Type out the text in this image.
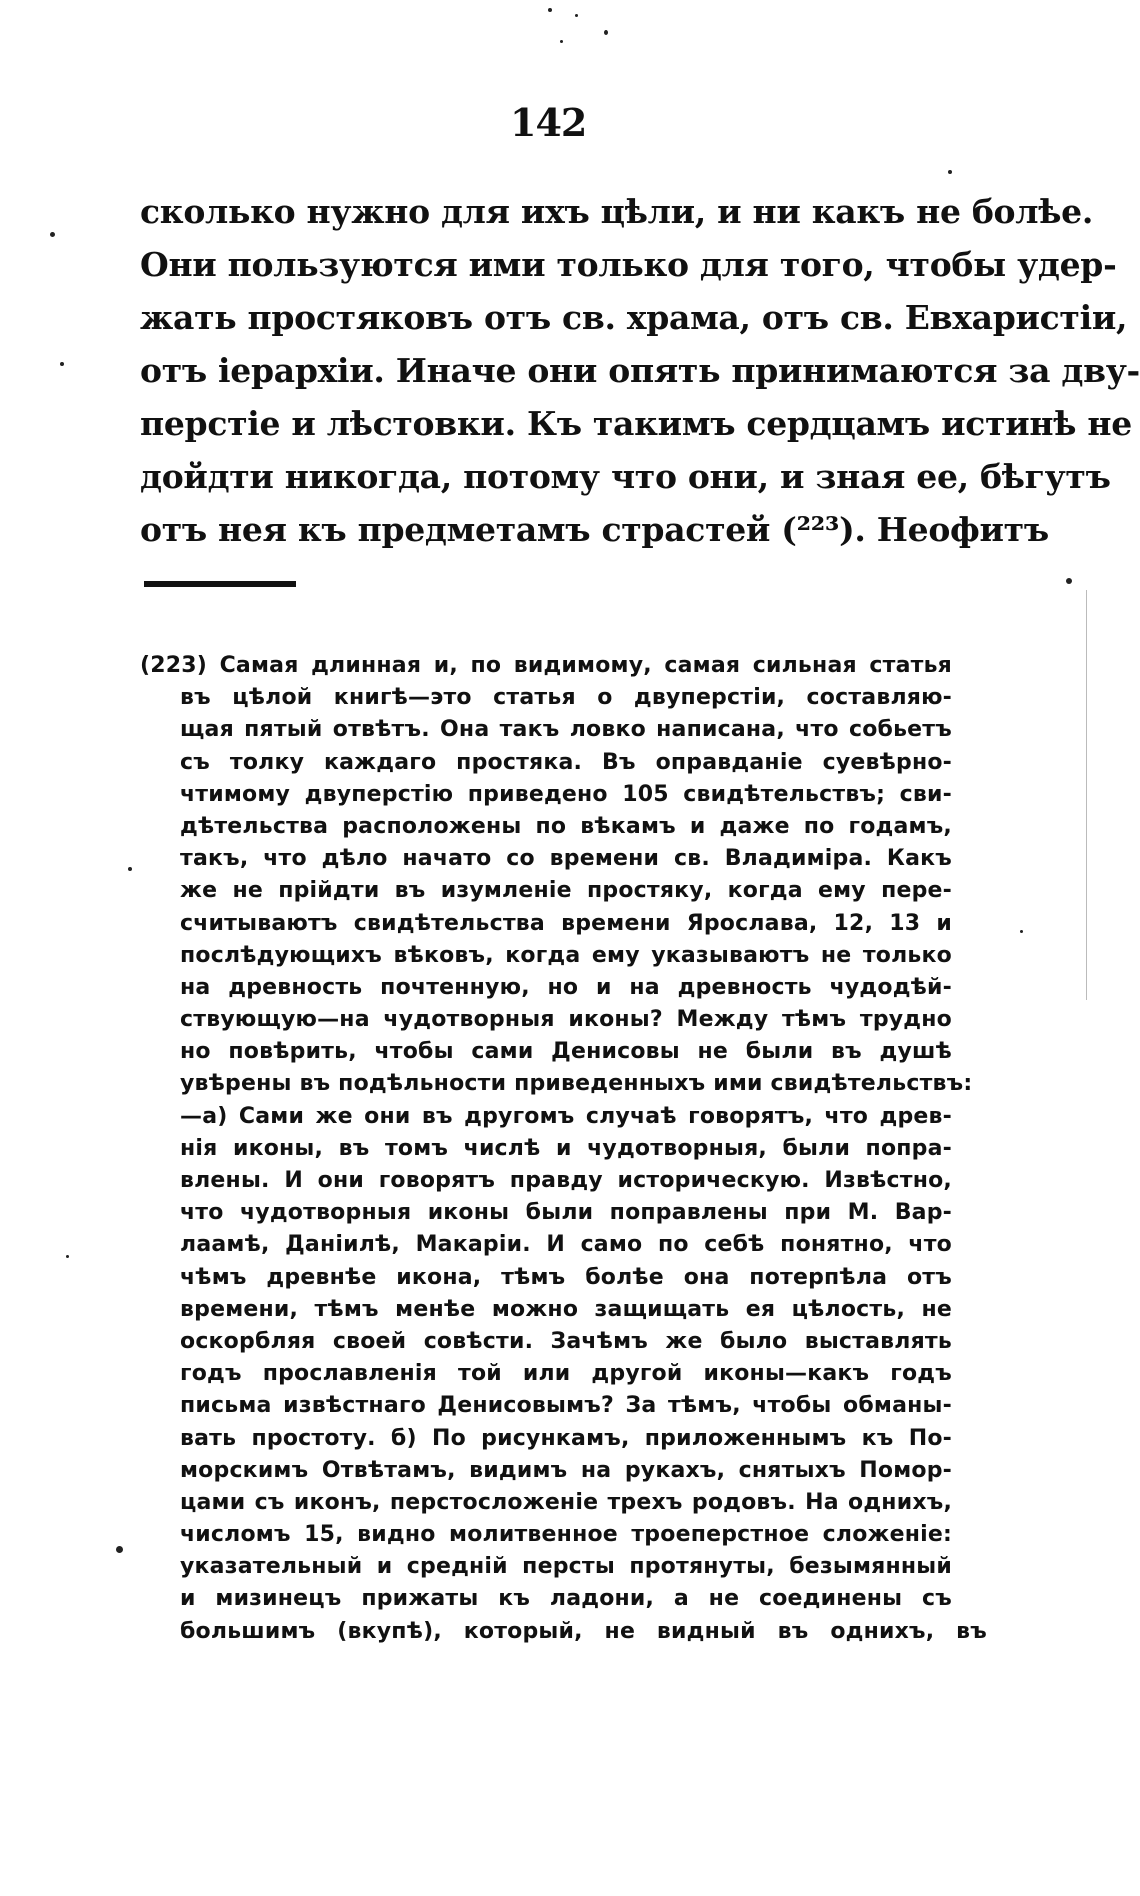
142
сколько нужно для ихъ цѣли, и ни какъ не болѣе.
Они пользуются ими только для того, чтобы удер-
жать простяковъ отъ св. храма, отъ св. Евхаристіи,
отъ іерархіи. Иначе они опять принимаются за дву-
перстіе и лѣстовки. Къ такимъ сердцамъ истинѣ не
дойдти никогда, потому что они, и зная ее, бѣгутъ
отъ нея къ предметамъ страстей (²²³). Неофитъ
(223) Самая длинная и, по видимому, самая сильная статья
въ цѣлой книгѣ—это статья о двуперстіи, составляю-
щая пятый отвѣтъ. Она такъ ловко написана, что собьетъ
съ толку каждаго простяка. Въ оправданіе суевѣрно-
чтимому двуперстію приведено 105 свидѣтельствъ; сви-
дѣтельства расположены по вѣкамъ и даже по годамъ,
такъ, что дѣло начато со времени св. Владиміра. Какъ
же не прійдти въ изумленіе простяку, когда ему пере-
считываютъ свидѣтельства времени Ярослава, 12, 13 и
послѣдующихъ вѣковъ, когда ему указываютъ не только
на древность почтенную, но и на древность чудодѣй-
ствующую—на чудотворныя иконы? Между тѣмъ трудно
но повѣрить, чтобы сами Денисовы не были въ душѣ
увѣрены въ подѣльности приведенныхъ ими свидѣтельствъ:
—а) Сами же они въ другомъ случаѣ говорятъ, что древ-
нія иконы, въ томъ числѣ и чудотворныя, были попра-
влены. И они говорятъ правду историческую. Извѣстно,
что чудотворныя иконы были поправлены при М. Вар-
лаамѣ, Даніилѣ, Макаріи. И само по себѣ понятно, что
чѣмъ древнѣе икона, тѣмъ болѣе она потерпѣла отъ
времени, тѣмъ менѣе можно защищать ея цѣлость, не
оскорбляя своей совѣсти. Зачѣмъ же было выставлять
годъ прославленія той или другой иконы—какъ годъ
письма извѣстнаго Денисовымъ? За тѣмъ, чтобы обманы-
вать простоту. б) По рисункамъ, приложеннымъ къ По-
морскимъ Отвѣтамъ, видимъ на рукахъ, снятыхъ Помор-
цами съ иконъ, перстосложеніе трехъ родовъ. На однихъ,
числомъ 15, видно молитвенное троеперстное сложеніе:
указательный и средній персты протянуты, безымянный
и мизинецъ прижаты къ ладони, а не соединены съ
большимъ (вкупѣ), который, не видный въ однихъ, въ
